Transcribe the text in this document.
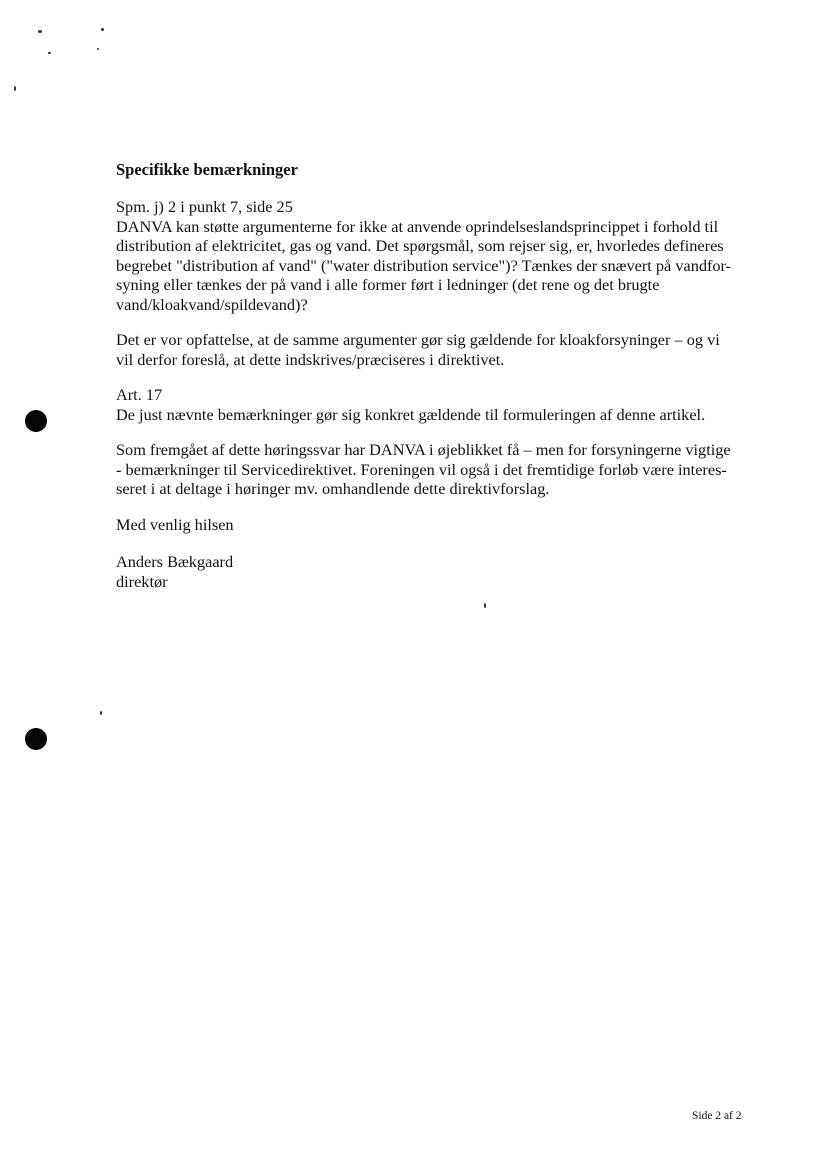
Specifikke bemærkninger
Spm. j) 2 i punkt 7, side 25
DANVA kan støtte argumenterne for ikke at anvende oprindelseslandsprincippet i forhold til
distribution af elektricitet, gas og vand. Det spørgsmål, som rejser sig, er, hvorledes defineres
begrebet "distribution af vand" ("water distribution service")? Tænkes der snævert på vandfor-
syning eller tænkes der på vand i alle former ført i ledninger (det rene og det brugte
vand/kloakvand/spildevand)?
Det er vor opfattelse, at de samme argumenter gør sig gældende for kloakforsyninger – og vi
vil derfor foreslå, at dette indskrives/præciseres i direktivet.
Art. 17
De just nævnte bemærkninger gør sig konkret gældende til formuleringen af denne artikel.
Som fremgået af dette høringssvar har DANVA i øjeblikket få – men for forsyningerne vigtige
- bemærkninger til Servicedirektivet. Foreningen vil også i det fremtidige forløb være interes-
seret i at deltage i høringer mv. omhandlende dette direktivforslag.
Med venlig hilsen
Anders Bækgaard
direktør
Side 2 af 2
